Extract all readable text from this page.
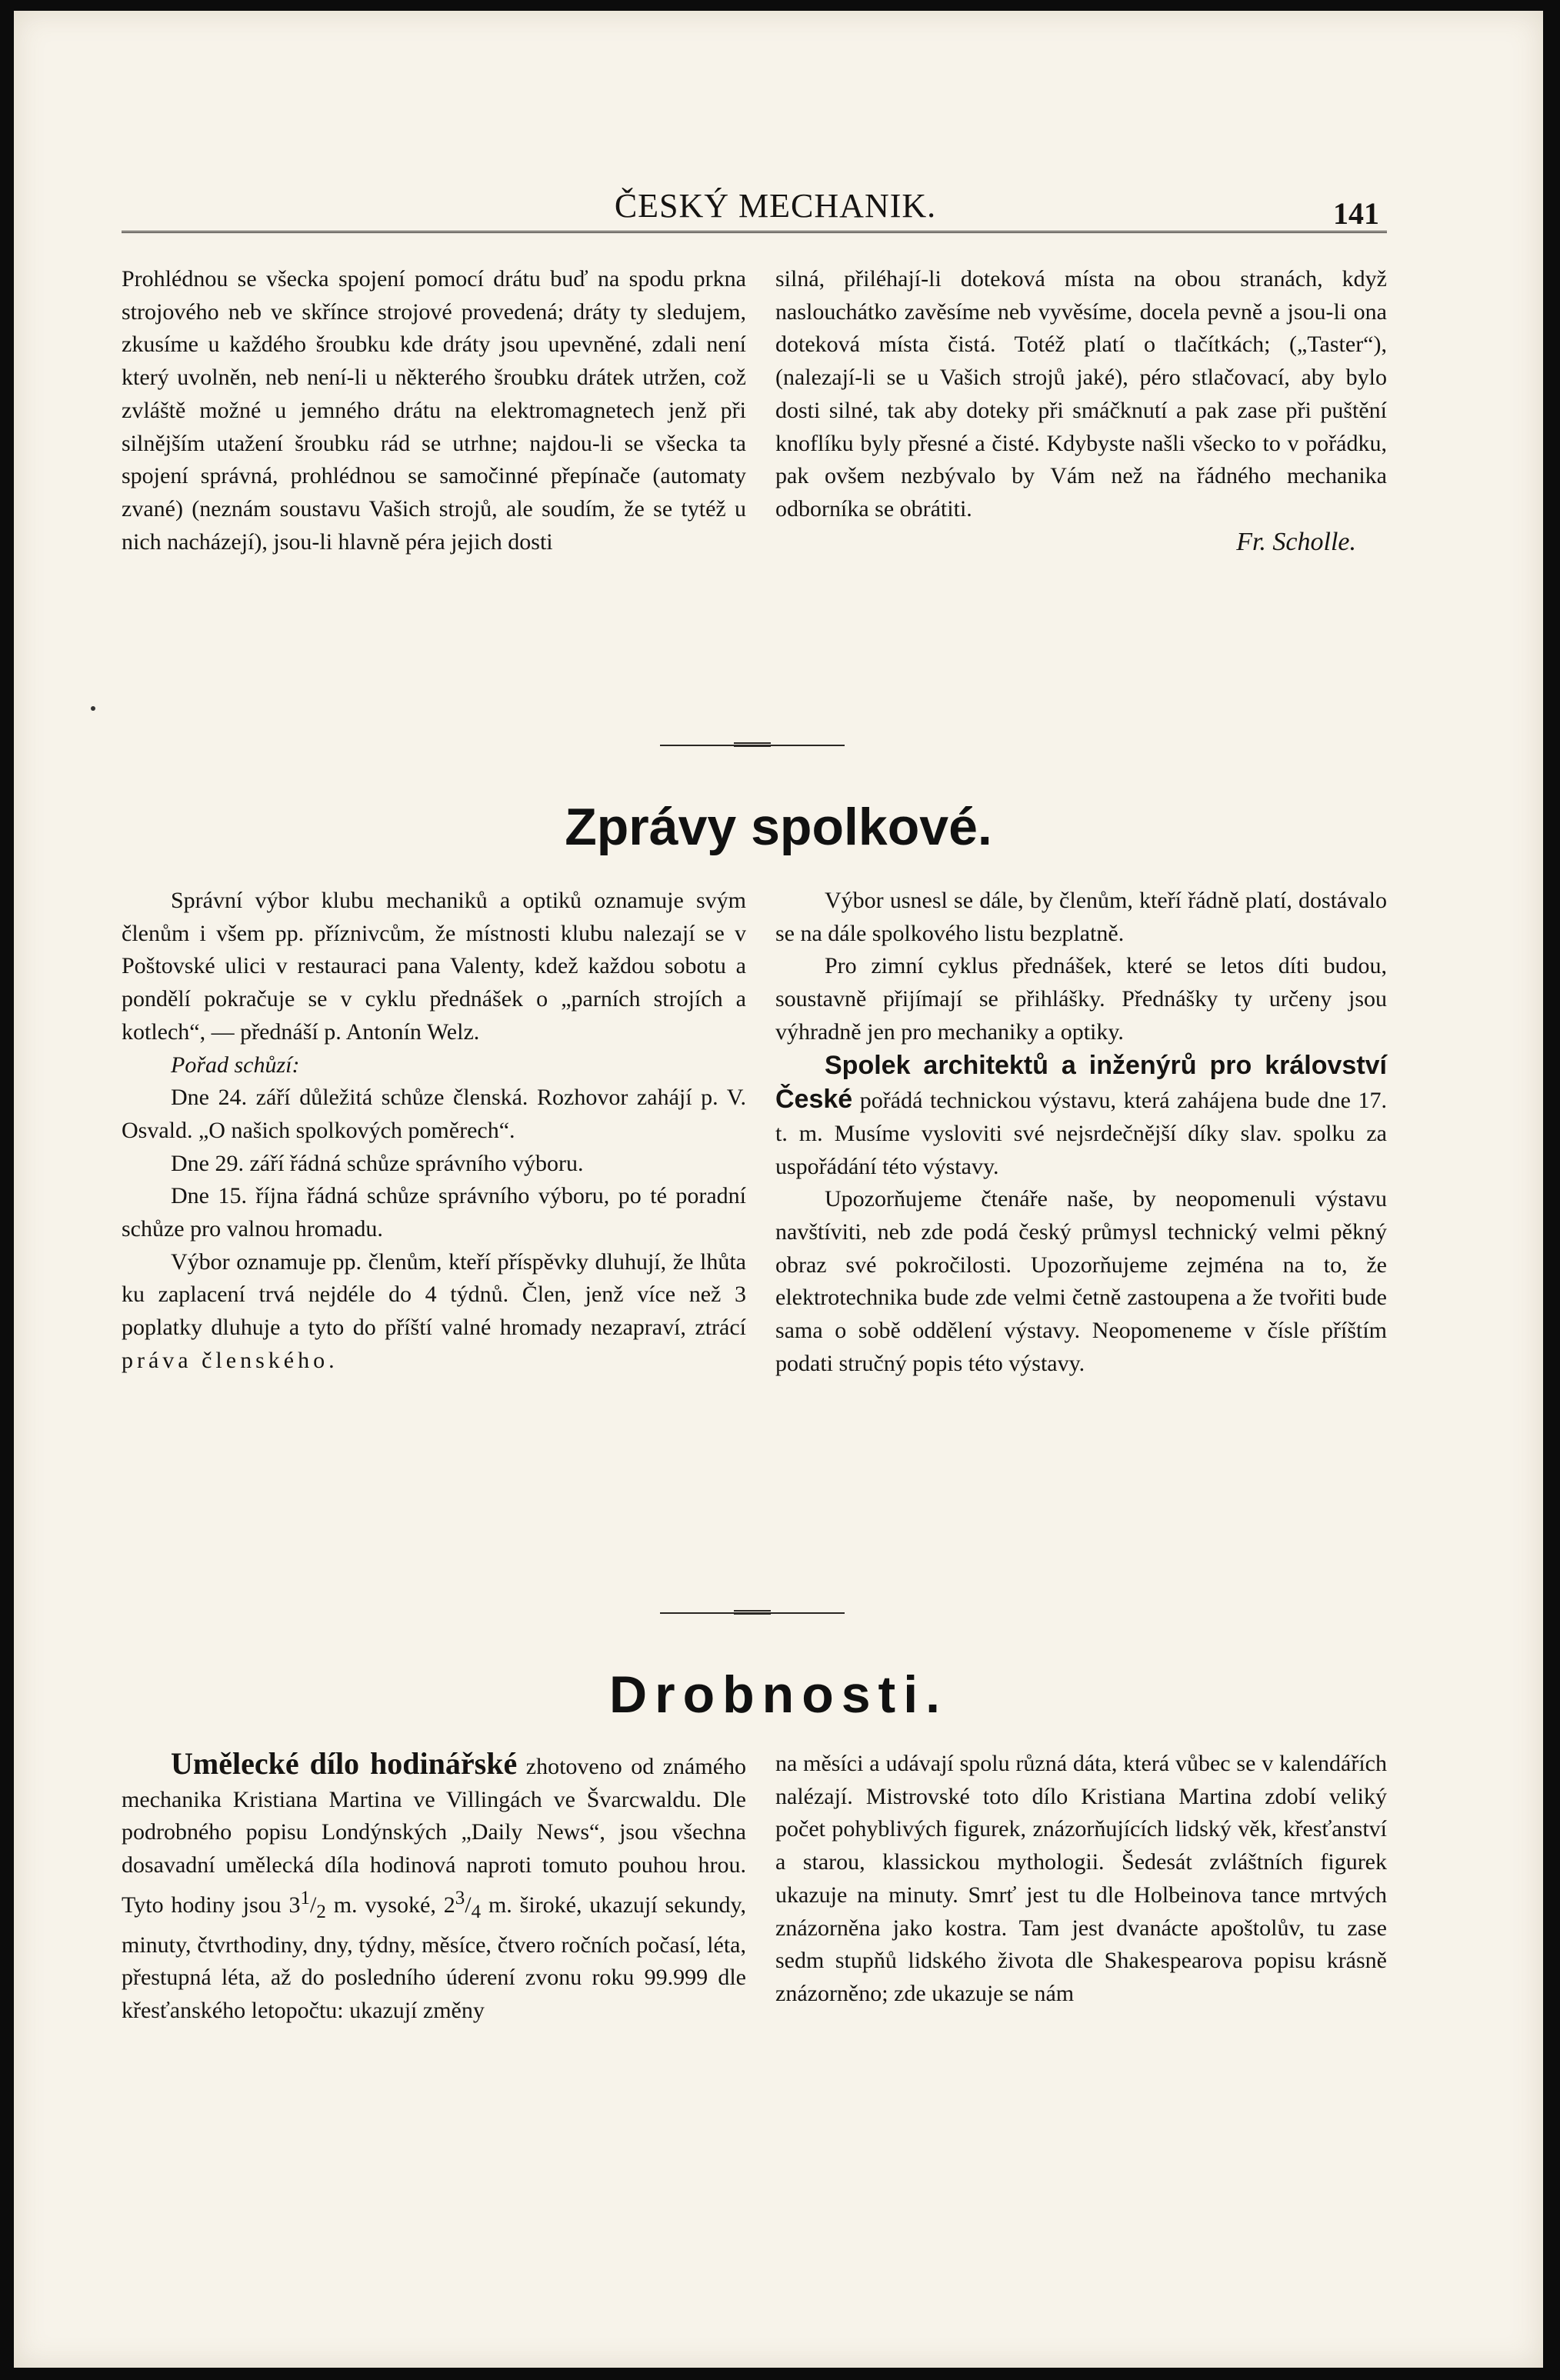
ČESKÝ MECHANIK.	141

Prohlédnou se všecka spojení pomocí drátu buď na spodu prkna strojového neb ve skřínce strojové provedená; dráty ty sledujem, zkusíme u každého šroubku kde dráty jsou upevněné, zdali není který uvolněn, neb není-li u některého šroubku drátek utržen, což zvláště možné u jemného drátu na elektromagnetech jenž při silnějším utažení šroubku rád se utrhne; najdou-li se všecka ta spojení správná, prohlédnou se samočinné přepínače (automaty zvané) (neznám soustavu Vašich strojů, ale soudím, že se tytéž u nich nacházejí), jsou-li hlavně péra jejich dosti

silná, přiléhají-li doteková místa na obou stranách, když naslouchátko zavěsíme neb vyvěsíme, docela pevně a jsou-li ona doteková místa čistá. Totéž platí o tlačítkách; („Taster“), (nalezají-li se u Vašich strojů jaké), péro stlačovací, aby bylo dosti silné, tak aby doteky při smáčknutí a pak zase při puštění knoflíku byly přesné a čisté. Kdybyste našli všecko to v pořádku, pak ovšem nezbývalo by Vám než na řádného mechanika odborníka se obrátiti.

Fr. Scholle.

Zprávy spolkové.

Správní výbor klubu mechaniků a optiků oznamuje svým členům i všem pp. příznivcům, že místnosti klubu nalezají se v Poštovské ulici v restauraci pana Valenty, kdež každou sobotu a pondělí pokračuje se v cyklu přednášek o „parních strojích a kotlech“, — přednáší p. Antonín Welz.

Pořad schůzí:

Dne 24. září důležitá schůze členská. Rozhovor zahájí p. V. Osvald. „O našich spolkových poměrech“.

Dne 29. září řádná schůze správního výboru.

Dne 15. října řádná schůze správního výboru, po té poradní schůze pro valnou hromadu.

Výbor oznamuje pp. členům, kteří příspěvky dluhují, že lhůta ku zaplacení trvá nejdéle do 4 týdnů. Člen, jenž více než 3 poplatky dluhuje a tyto do příští valné hromady nezapraví, ztrácí práva členského.

Výbor usnesl se dále, by členům, kteří řádně platí, dostávalo se na dále spolkového listu bezplatně.

Pro zimní cyklus přednášek, které se letos díti budou, soustavně přijímají se přihlášky. Přednášky ty určeny jsou výhradně jen pro mechaniky a optiky.

Spolek architektů a inženýrů pro království České pořádá technickou výstavu, která zahájena bude dne 17. t. m. Musíme vysloviti své nejsrdečnější díky slav. spolku za uspořádání této výstavy.

Upozorňujeme čtenáře naše, by neopomenuli výstavu navštíviti, neb zde podá český průmysl technický velmi pěkný obraz své pokročilosti. Upozorňujeme zejména na to, že elektrotechnika bude zde velmi četně zastoupena a že tvořiti bude sama o sobě oddělení výstavy. Neopomeneme v čísle příštím podati stručný popis této výstavy.

Drobnosti.

Umělecké dílo hodinářské zhotoveno od známého mechanika Kristiana Martina ve Villingách ve Švarcwaldu. Dle podrobného popisu Londýnských „Daily News“, jsou všechna dosavadní umělecká díla hodinová naproti tomuto pouhou hrou. Tyto hodiny jsou $3^1/_2$ m. vysoké, $2^3/_4$ m. široké, ukazují sekundy, minuty, čtvrthodiny, dny, týdny, měsíce, čtvero ročních počasí, léta, přestupná léta, až do posledního úderení zvonu roku 99.999 dle křesťanského letopočtu: ukazují změny

na měsíci a udávají spolu různá dáta, která vůbec se v kalendářích nalézají. Mistrovské toto dílo Kristiana Martina zdobí veliký počet pohyblivých figurek, znázorňujících lidský věk, křesťanství a starou, klassickou mythologii. Šedesát zvláštních figurek ukazuje na minuty. Smrť jest tu dle Holbeinova tance mrtvých znázorněna jako kostra. Tam jest dvanácte apoštolův, tu zase sedm stupňů lidského života dle Shakespearova popisu krásně znázorněno; zde ukazuje se nám
